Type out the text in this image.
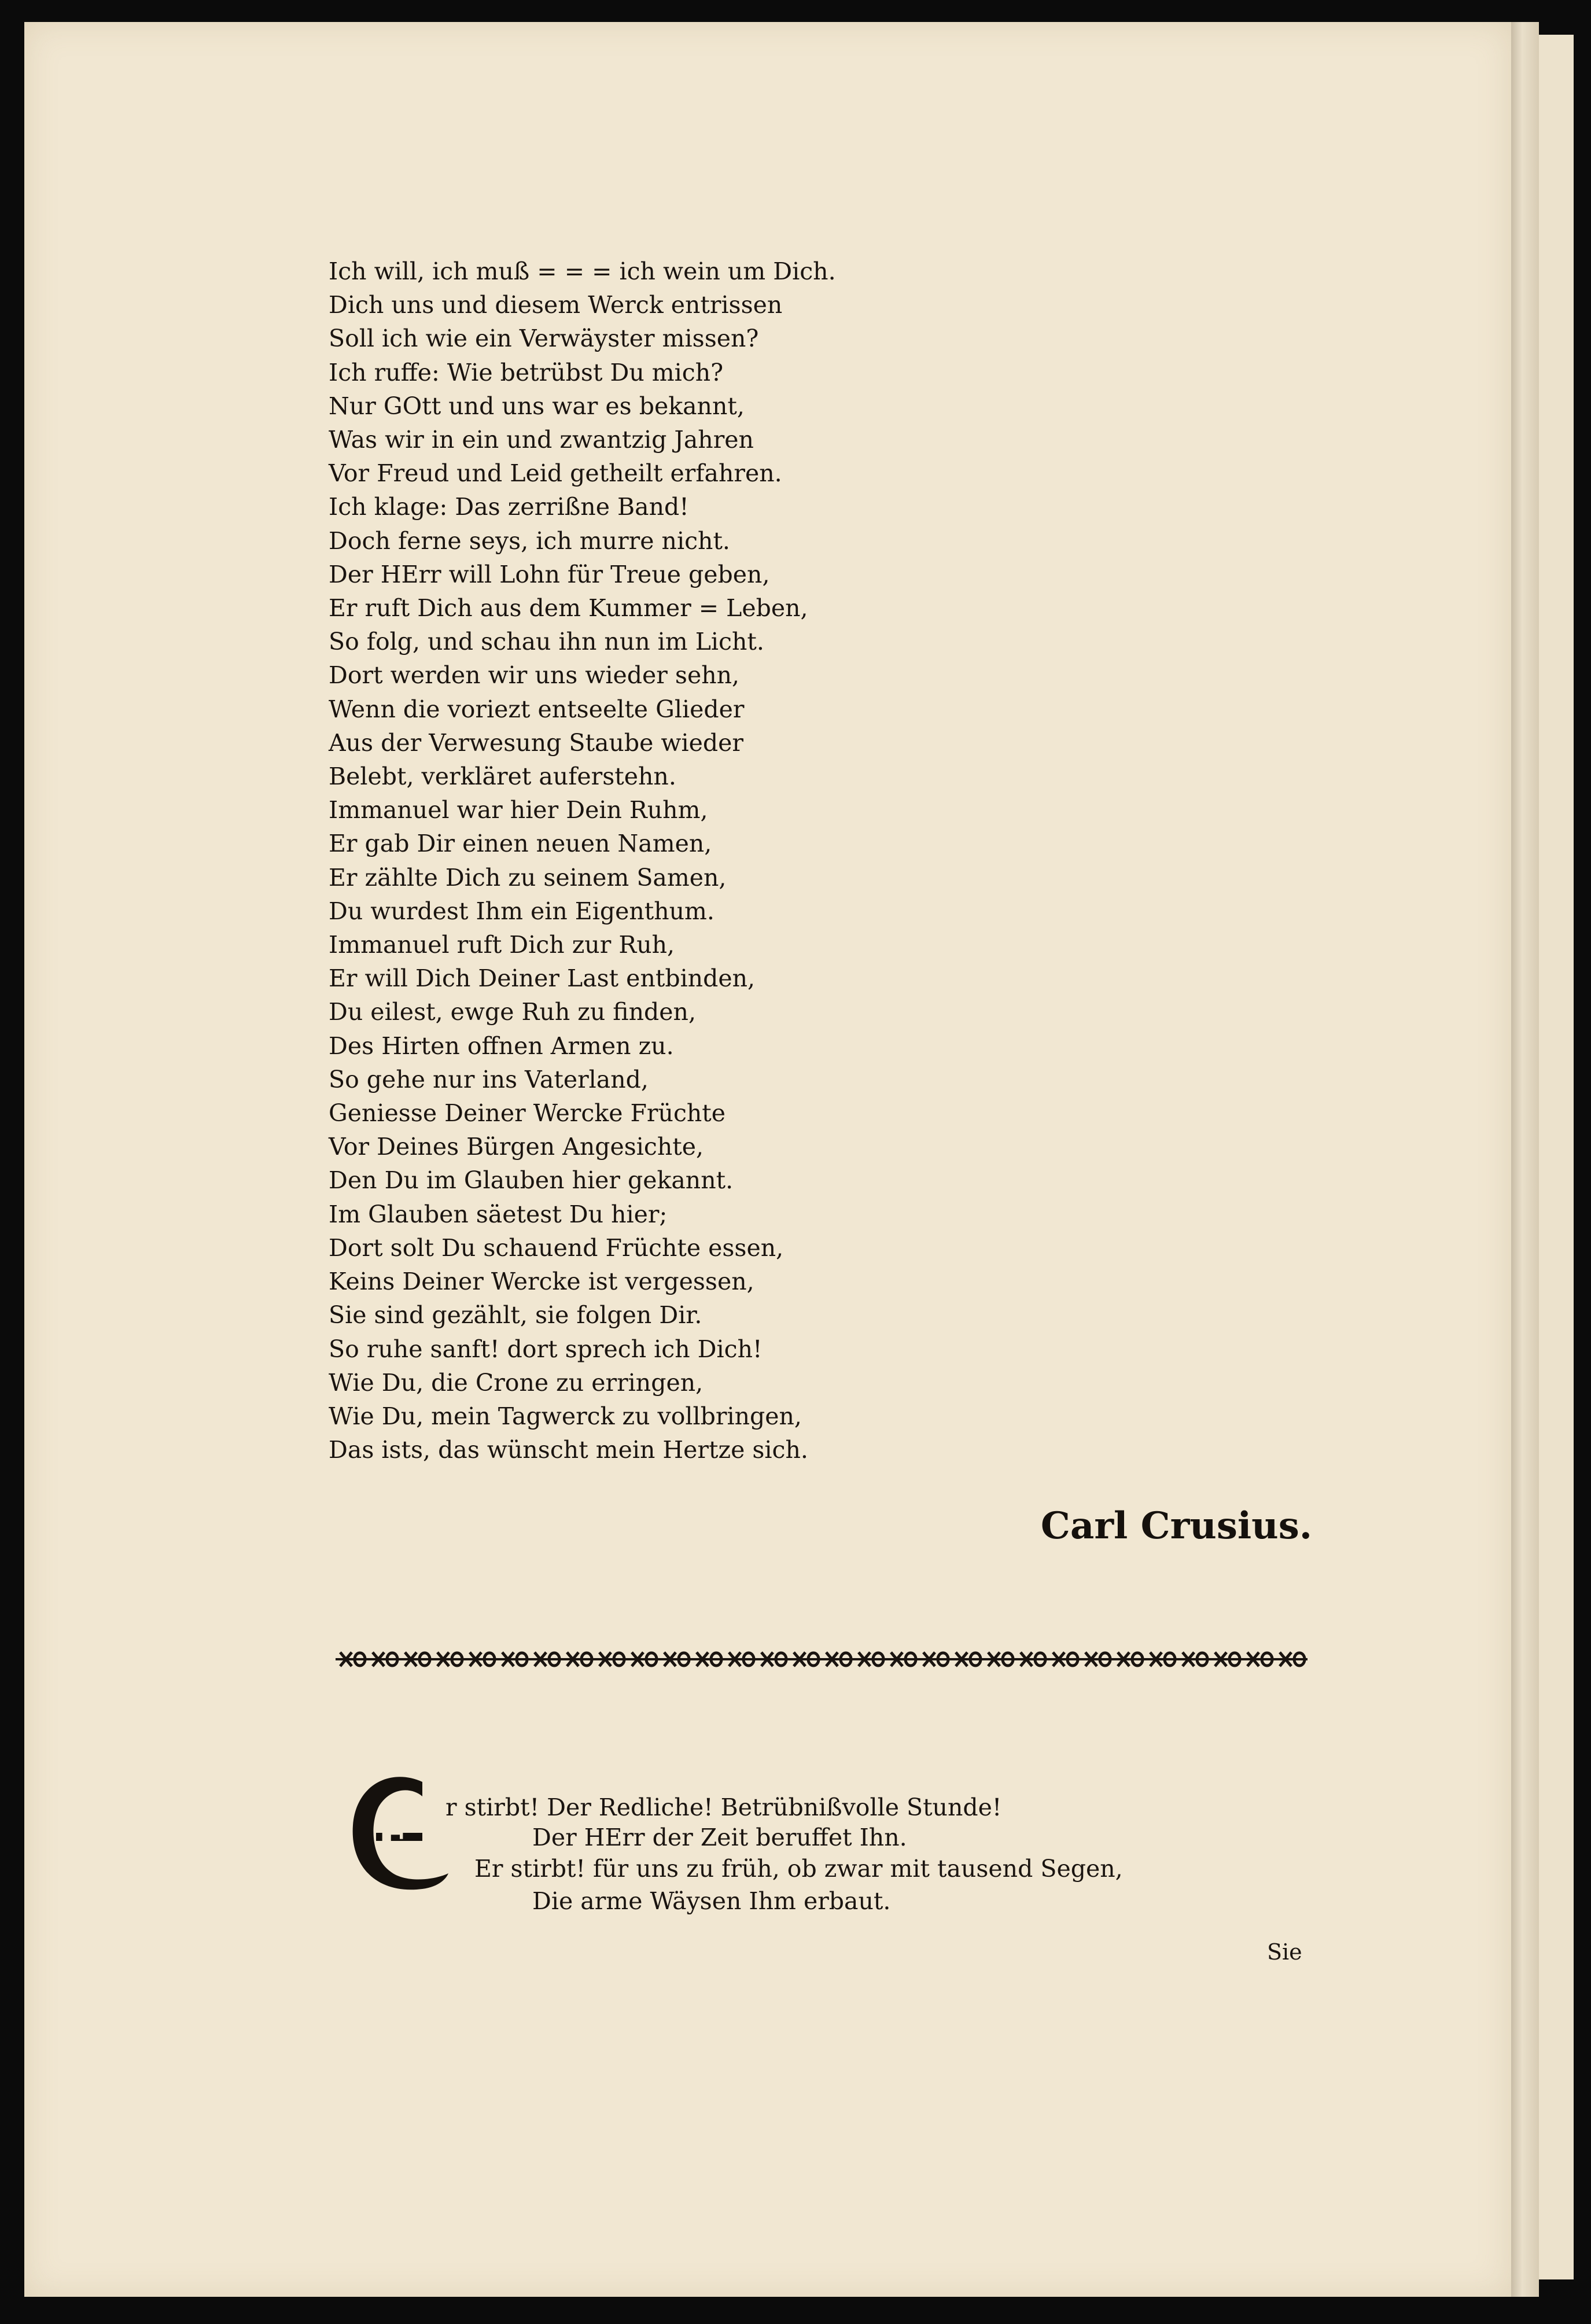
Ich will, ich muß = = = ich wein um Dich.
Dich uns und diesem Werck entrissen
Soll ich wie ein Verwäyster missen?
Ich ruffe: Wie betrübst Du mich?
Nur GOtt und uns war es bekannt,
Was wir in ein und zwantzig Jahren
Vor Freud und Leid getheilt erfahren.
Ich klage: Das zerrißne Band!
Doch ferne seys, ich murre nicht.
Der HErr will Lohn für Treue geben,
Er ruft Dich aus dem Kummer = Leben,
So folg, und schau ihn nun im Licht.
Dort werden wir uns wieder sehn,
Wenn die voriezt entseelte Glieder
Aus der Verwesung Staube wieder
Belebt, verkläret auferstehn.
Immanuel war hier Dein Ruhm,
Er gab Dir einen neuen Namen,
Er zählte Dich zu seinem Samen,
Du wurdest Ihm ein Eigenthum.
Immanuel ruft Dich zur Ruh,
Er will Dich Deiner Last entbinden,
Du eilest, ewge Ruh zu finden,
Des Hirten offnen Armen zu.
So gehe nur ins Vaterland,
Geniesse Deiner Wercke Früchte
Vor Deines Bürgen Angesichte,
Den Du im Glauben hier gekannt.
Im Glauben säetest Du hier;
Dort solt Du schauend Früchte essen,
Keins Deiner Wercke ist vergessen,
Sie sind gezählt, sie folgen Dir.
So ruhe sanft! dort sprech ich Dich!
Wie Du, die Crone zu erringen,
Wie Du, mein Tagwerck zu vollbringen,
Das ists, das wünscht mein Hertze sich.
Carl Crusius.
E
r stirbt! Der Redliche! Betrübnißvolle Stunde!
Der HErr der Zeit beruffet Ihn.
Er stirbt! für uns zu früh, ob zwar mit tausend Segen,
Die arme Wäysen Ihm erbaut.
Sie
